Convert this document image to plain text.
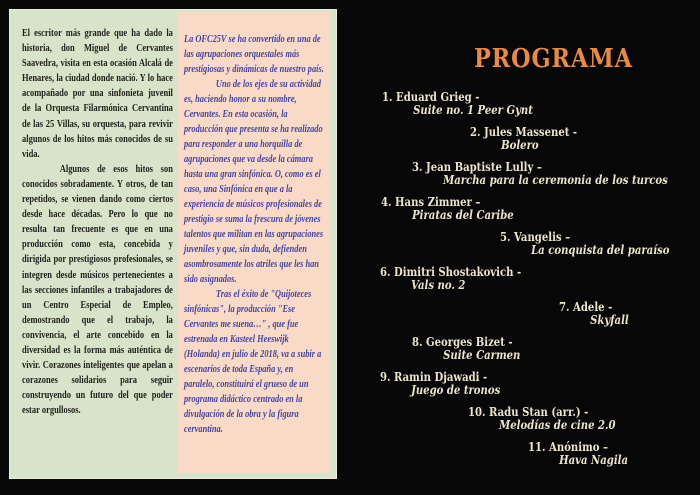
El escritor más grande que ha dado la historia, don Miguel de Cervantes Saavedra, visita en esta ocasión Alcalá de Henares, la ciudad donde nació. Y lo hace acompañado por una sinfonieta juvenil de la Orquesta Filarmónica Cervantina de las 25 Villas, su orquesta, para revivir algunos de los hitos más conocidos de su vida.

Algunos de esos hitos son conocidos sobradamente. Y otros, de tan repetidos, se vienen dando como ciertos desde hace décadas. Pero lo que no resulta tan frecuente es que en una producción como esta, concebida y dirigida por prestigiosos profesionales, se integren desde músicos pertenecientes a las secciones infantiles a trabajadores de un Centro Especial de Empleo, demostrando que el trabajo, la convivencia, el arte concebido en la diversidad es la forma más auténtica de vivir. Corazones inteligentes que apelan a corazones solidarios para seguir construyendo un futuro del que poder estar orgullosos.

La OFC25V se ha convertido en una de las agrupaciones orquestales más prestigiosas y dinámicas de nuestro país.

Uno de los ejes de su actividad es, haciendo honor a su nombre, Cervantes. En esta ocasión, la producción que presenta se ha realizado para responder a una horquilla de agrupaciones que va desde la cámara hasta una gran sinfónica. O, como es el caso, una Sinfónica en que a la experiencia de músicos profesionales de prestigio se suma la frescura de jóvenes talentos que militan en las agrupaciones juveniles y que, sin duda, defienden asombrosamente los atriles que les han sido asignados.

Tras el éxito de "Quijoteces sinfónicas", la producción "Ese Cervantes me suena…" , que fue estrenada en Kasteel Heeswijk (Holanda) en julio de 2018, va a subir a escenarios de toda España y, en paralelo, constituirá el grueso de un programa didáctico centrado en la divulgación de la obra y la figura cervantina.

PROGRAMA
1. Eduard Grieg -
Suite no. 1 Peer Gynt
2. Jules Massenet -
Bolero
3. Jean Baptiste Lully –
Marcha para la ceremonia de los turcos
4. Hans Zimmer –
Piratas del Caribe
5. Vangelis –
La conquista del paraíso
6. Dimitri Shostakovich -
Vals no. 2
7. Adele -
Skyfall
8. Georges Bizet -
Suite Carmen
9. Ramin Djawadi -
Juego de tronos
10. Radu Stan (arr.) -
Melodías de cine 2.0
11. Anónimo –
Hava Nagila
